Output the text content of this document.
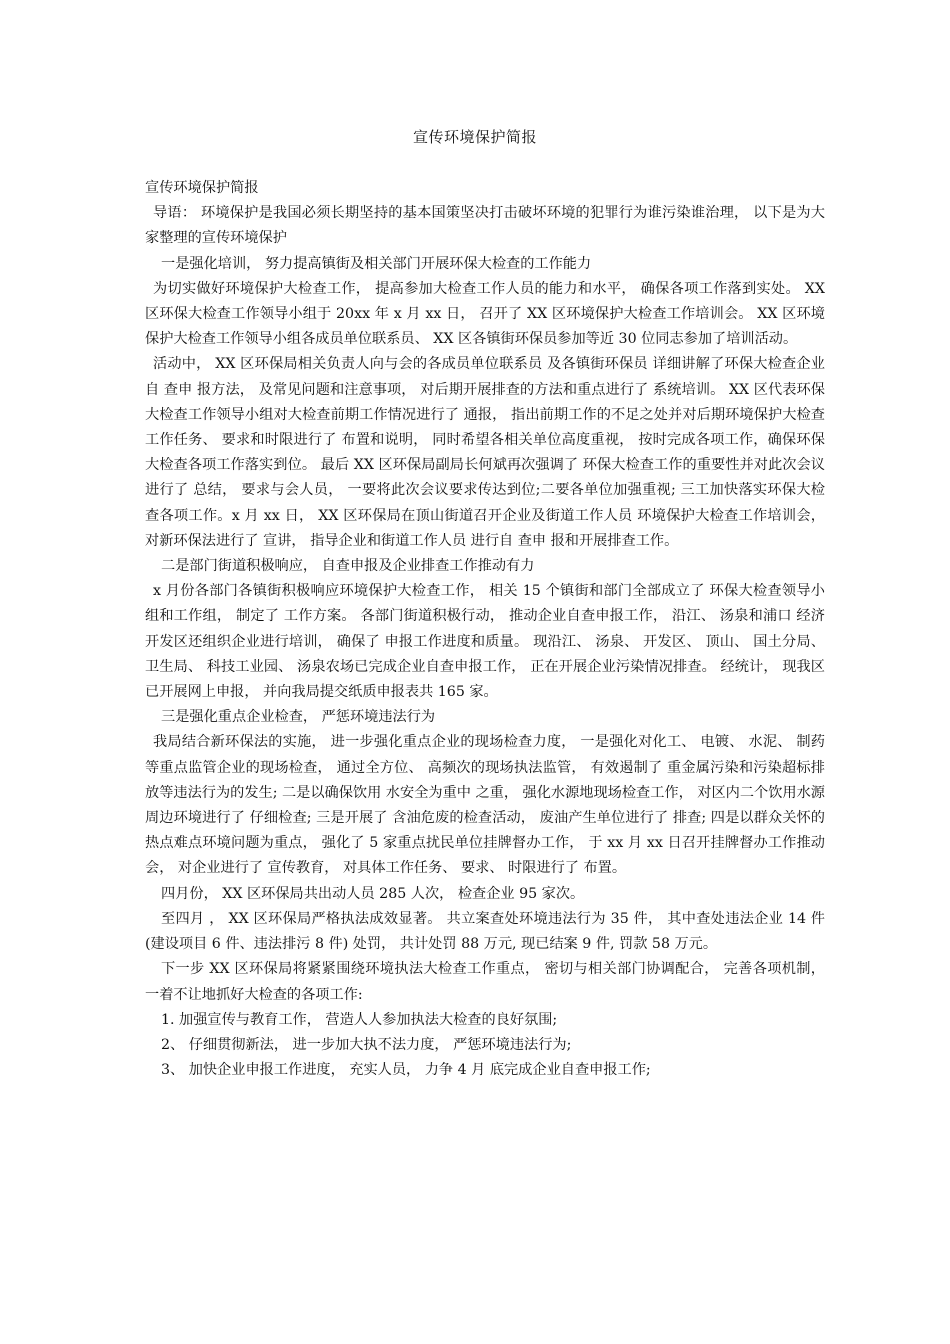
宣传环境保护简报

宣传环境保护简报

导语： 环境保护是我国必须长期坚持的基本国策坚决打击破坏环境的犯罪行为谁污染谁治理， 以下是为大家整理的宣传环境保护

一是强化培训， 努力提高镇街及相关部门开展环保大检查的工作能力

为切实做好环境保护大检查工作， 提高参加大检查工作人员的能力和水平， 确保各项工作落到实处。 XX 区环保大检查工作领导小组于 20xx 年 x 月 xx 日， 召开了 XX 区环境保护大检查工作培训会。 XX 区环境保护大检查工作领导小组各成员单位联系员、 XX 区各镇街环保员参加等近 30 位同志参加了培训活动。

活动中， XX 区环保局相关负责人向与会的各成员单位联系员 及各镇街环保员 详细讲解了环保大检查企业自 查申 报方法， 及常见问题和注意事项， 对后期开展排查的方法和重点进行了 系统培训。 XX 区代表环保大检查工作领导小组对大检查前期工作情况进行了 通报， 指出前期工作的不足之处并对后期环境保护大检查工作任务、 要求和时限进行了 布置和说明， 同时希望各相关单位高度重视， 按时完成各项工作，确保环保大检查各项工作落实到位。 最后 XX 区环保局副局长何斌再次强调了 环保大检查工作的重要性并对此次会议进行了 总结， 要求与会人员， 一要将此次会议要求传达到位;二要各单位加强重视; 三工加快落实环保大检查各项工作。x 月 xx 日， XX 区环保局在顶山街道召开企业及街道工作人员 环境保护大检查工作培训会， 对新环保法进行了 宣讲， 指导企业和街道工作人员 进行自 查申 报和开展排查工作。

二是部门街道积极响应， 自查申报及企业排查工作推动有力

x 月份各部门各镇街积极响应环境保护大检查工作， 相关 15 个镇街和部门全部成立了 环保大检查领导小组和工作组， 制定了 工作方案。 各部门街道积极行动， 推动企业自查申报工作， 沿江、 汤泉和浦口 经济开发区还组织企业进行培训， 确保了 申报工作进度和质量。 现沿江、 汤泉、 开发区、 顶山、 国土分局、 卫生局、 科技工业园、 汤泉农场已完成企业自查申报工作， 正在开展企业污染情况排查。 经统计， 现我区已开展网上申报， 并向我局提交纸质申报表共 165 家。

三是强化重点企业检查， 严惩环境违法行为

我局结合新环保法的实施， 进一步强化重点企业的现场检查力度， 一是强化对化工、 电镀、 水泥、 制药等重点监管企业的现场检查， 通过全方位、 高频次的现场执法监管， 有效遏制了 重金属污染和污染超标排放等违法行为的发生; 二是以确保饮用 水安全为重中 之重， 强化水源地现场检查工作， 对区内二个饮用水源周边环境进行了 仔细检查; 三是开展了 含油危废的检查活动， 废油产生单位进行了 排查; 四是以群众关怀的热点难点环境问题为重点， 强化了 5 家重点扰民单位挂牌督办工作， 于 xx 月 xx 日召开挂牌督办工作推动会， 对企业进行了 宣传教育， 对具体工作任务、 要求、 时限进行了 布置。

四月份， XX 区环保局共出动人员 285 人次， 检查企业 95 家次。

至四月 ， XX 区环保局严格执法成效显著。 共立案查处环境违法行为 35 件， 其中查处违法企业 14 件(建设项目 6 件、违法排污 8 件) 处罚， 共计处罚 88 万元, 现已结案 9 件, 罚款 58 万元。

下一步 XX 区环保局将紧紧围绕环境执法大检查工作重点， 密切与相关部门协调配合， 完善各项机制， 一着不让地抓好大检查的各项工作:

1. 加强宣传与教育工作， 营造人人参加执法大检查的良好氛围;

2、 仔细贯彻新法， 进一步加大执不法力度， 严惩环境违法行为;

3、 加快企业申报工作进度， 充实人员， 力争 4 月 底完成企业自查申报工作;
